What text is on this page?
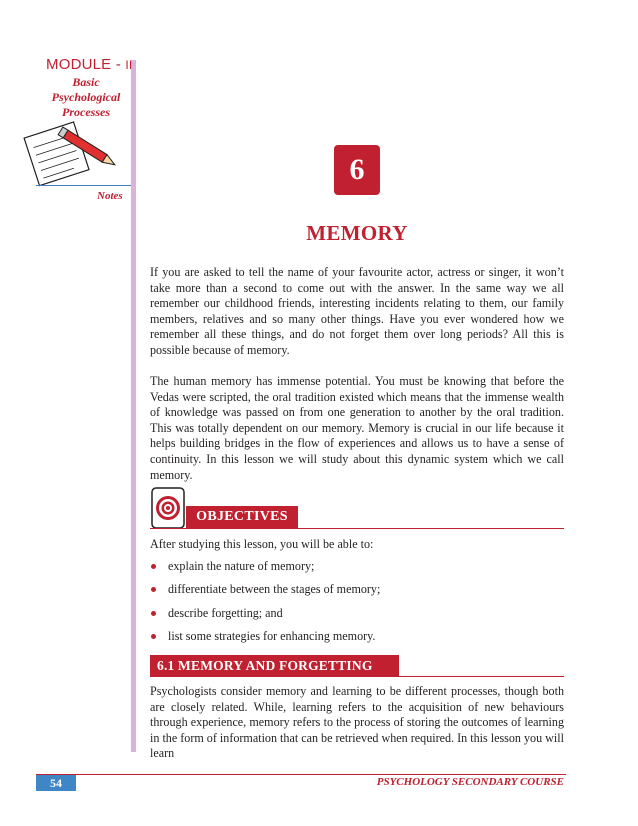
MODULE - II
Basic
Psychological
Processes
Notes
6
MEMORY

If you are asked to tell the name of your favourite actor, actress or singer, it won’t take more than a second to come out with the answer. In the same way we all remember our childhood friends, interesting incidents relating to them, our family members, relatives and so many other things. Have you ever wondered how we remember all these things, and do not forget them over long periods? All this is possible because of memory.

The human memory has immense potential. You must be knowing that before the Vedas were scripted, the oral tradition existed which means that the immense wealth of knowledge was passed on from one generation to another by the oral tradition. This was totally dependent on our memory. Memory is crucial in our life because it helps building bridges in the flow of experiences and allows us to have a sense of continuity. In this lesson we will study about this dynamic system which we call memory.

OBJECTIVES
After studying this lesson, you will be able to:
explain the nature of memory;
differentiate between the stages of memory;
describe forgetting; and
list some strategies for enhancing memory.
6.1 MEMORY AND FORGETTING

Psychologists consider memory and learning to be different processes, though both are closely related. While, learning refers to the acquisition of new behaviours through experience, memory refers to the process of storing the outcomes of learning in the form of information that can be retrieved when required. In this lesson you will learn

54	PSYCHOLOGY SECONDARY COURSE
